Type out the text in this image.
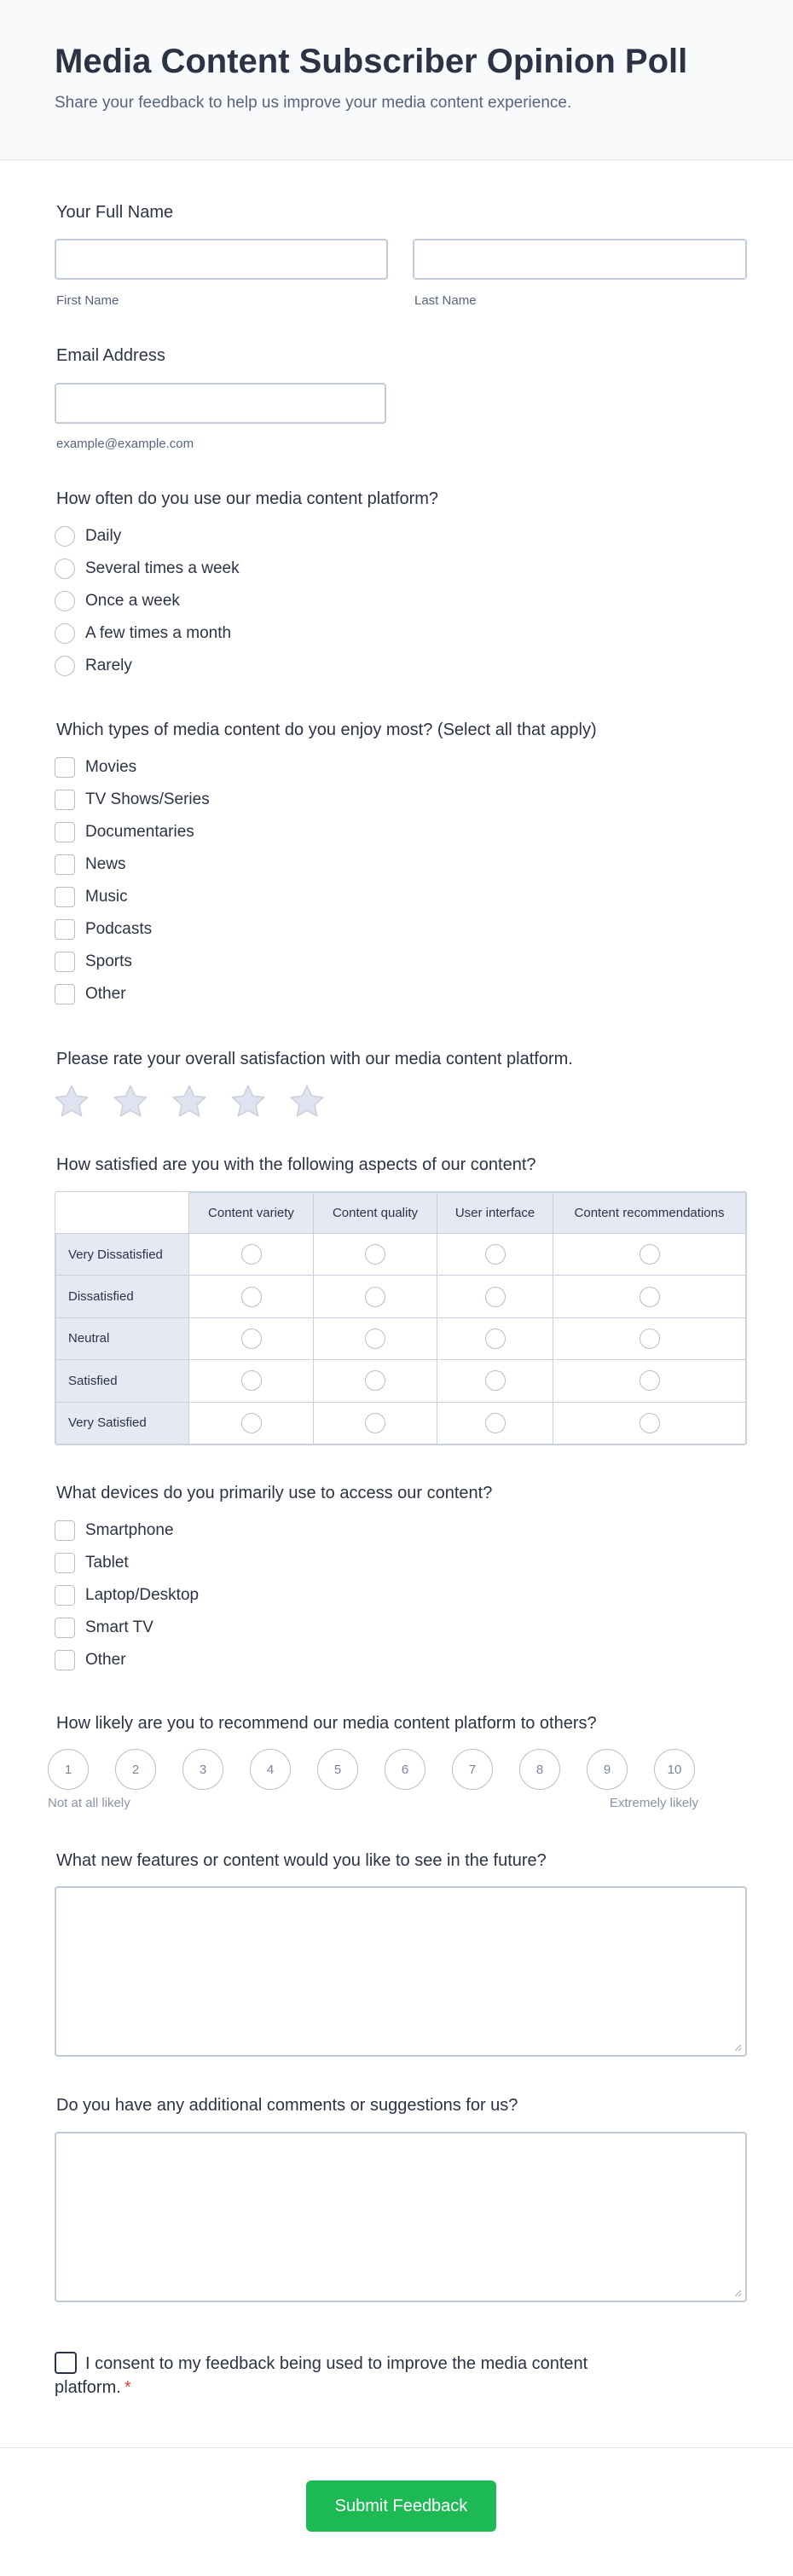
Media Content Subscriber Opinion Poll

Share your feedback to help us improve your media content experience.

Your Full Name
First Name	Last Name
Email Address
example@example.com
How often do you use our media content platform?
Daily
Several times a week
Once a week
A few times a month
Rarely
Which types of media content do you enjoy most? (Select all that apply)
Movies
TV Shows/Series
Documentaries
News
Music
Podcasts
Sports
Other
Please rate your overall satisfaction with our media content platform.
How satisfied are you with the following aspects of our content?
	Content variety	Content quality	User interface	Content recommendations
Very Dissatisfied				
Dissatisfied				
Neutral				
Satisfied				
Very Satisfied				
What devices do you primarily use to access our content?
Smartphone
Tablet
Laptop/Desktop
Smart TV
Other
How likely are you to recommend our media content platform to others?
1	2	3	4	5	6	7	8	9	10
Not at all likely	Extremely likely
What new features or content would you like to see in the future?
Do you have any additional comments or suggestions for us?
I consent to my feedback being used to improve the media content platform. *
Submit Feedback
